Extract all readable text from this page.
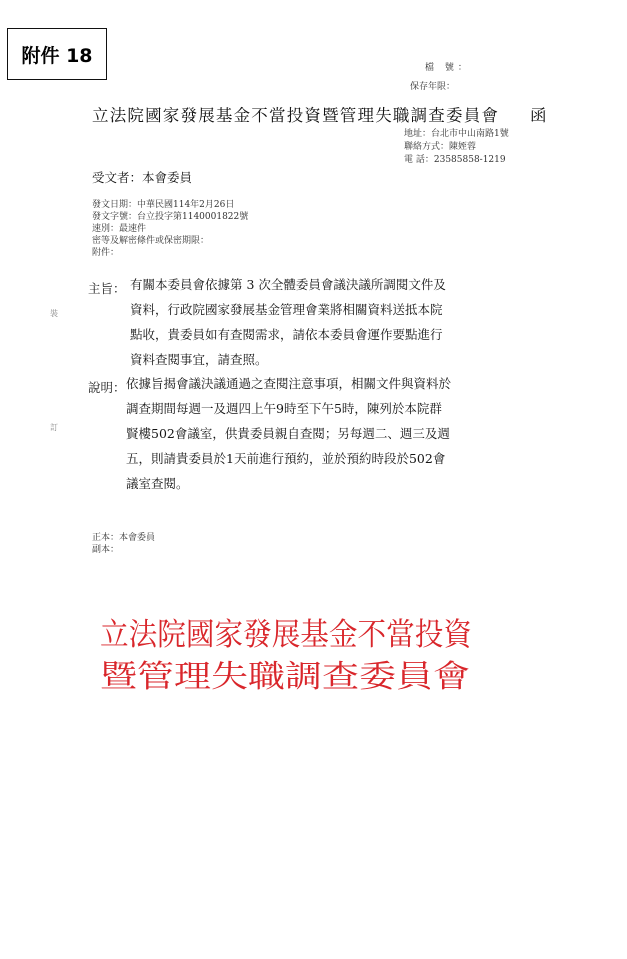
附件 18
檔 號：
保存年限：
立法院國家發展基金不當投資暨管理失職調查委員會 函
地址：台北市中山南路1號
聯絡方式：陳姪蓉
電 話：23585858-1219
受文者：本會委員
發文日期：中華民國114年2月26日
發文字號：台立投字第1140001822號
速別：最速件
密等及解密條件或保密期限：
附件：
裝
訂
主旨： 有關本委員會依據第 3 次全體委員會議決議所調閱文件及
資料，行政院國家發展基金管理會業將相關資料送抵本院
點收，貴委員如有查閱需求，請依本委員會運作要點進行
資料查閱事宜，請查照。
說明： 依據旨揭會議決議通過之查閱注意事項，相關文件與資料於
調查期間每週一及週四上午9時至下午5時，陳列於本院群
賢樓502會議室，供貴委員親自查閱；另每週二、週三及週
五，則請貴委員於1天前進行預約，並於預約時段於502會
議室查閱。
正本：本會委員
副本：
立法院國家發展基金不當投資
暨管理失職調查委員會
